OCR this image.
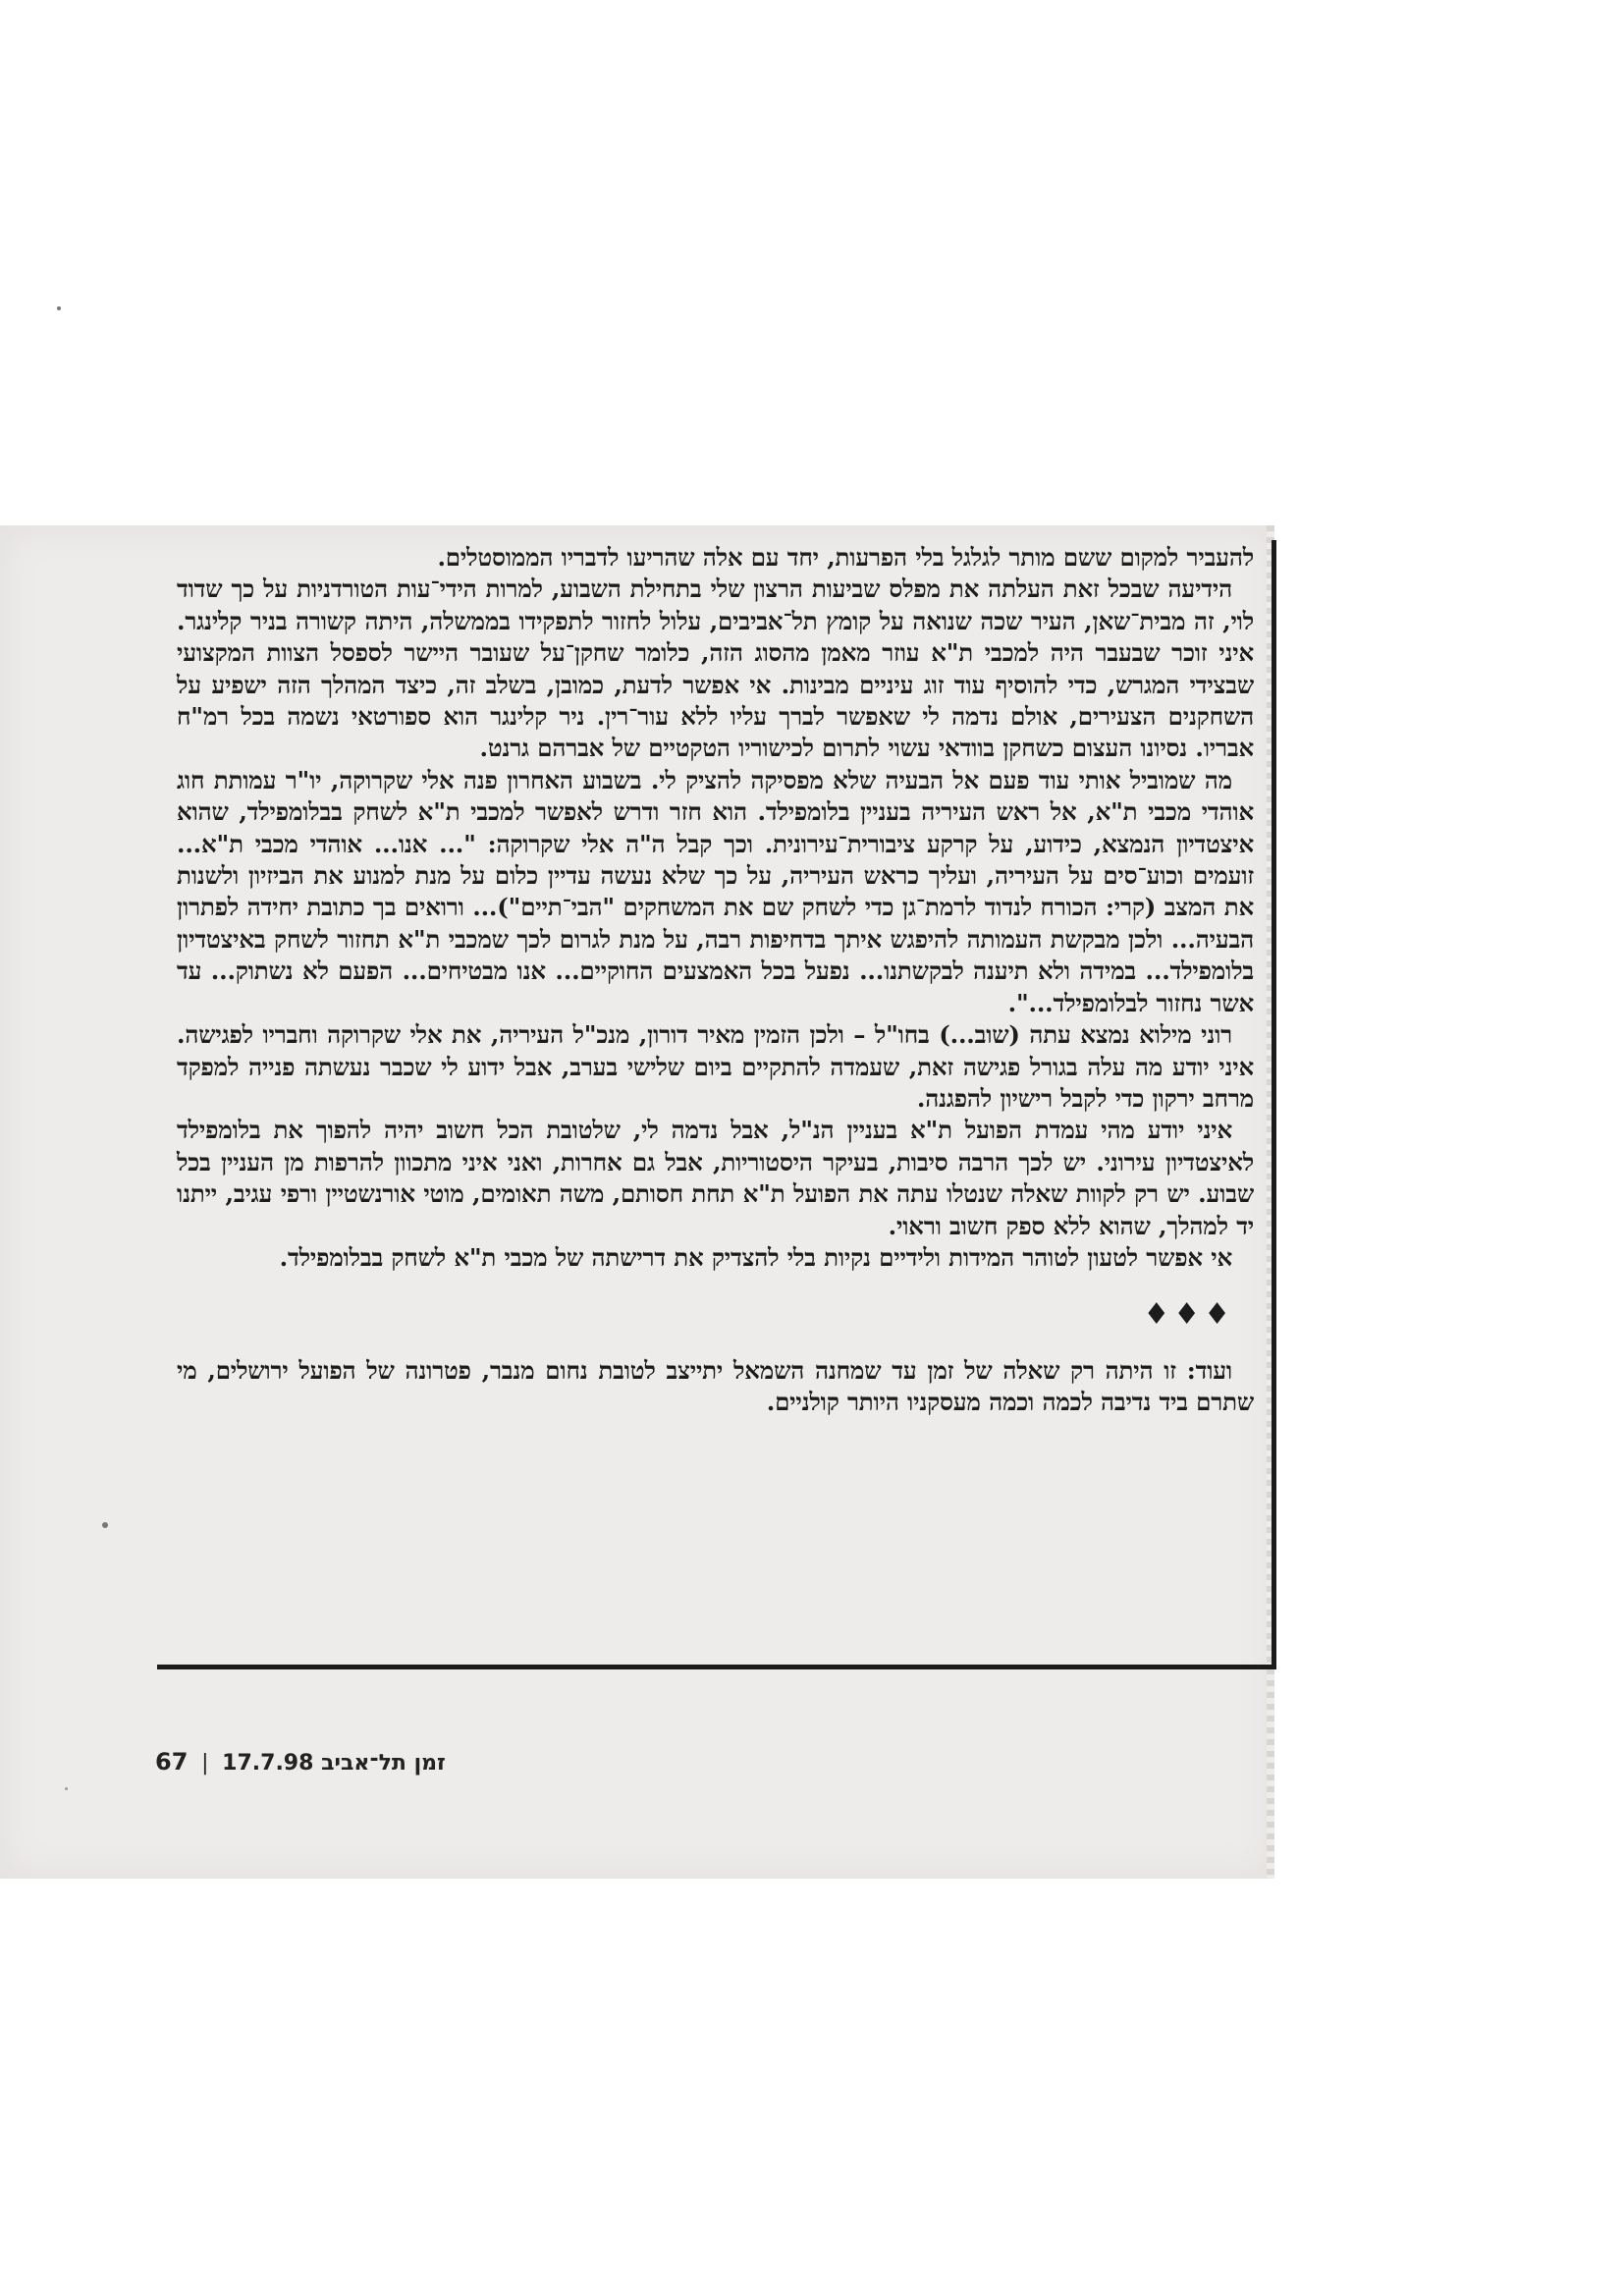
להעביר למקום ששם מותר לגלגל בלי הפרעות, יחד עם אלה שהריעו לדבריו הממוסטלים.

הידיעה שבכל זאת העלתה את מפלס שביעות הרצון שלי בתחילת השבוע, למרות הידי־עות הטורדניות על כך שדוד לוי, זה מבית־שאן, העיר שכה שנואה על קומץ תל־אביבים, עלול לחזור לתפקידו בממשלה, היתה קשורה בניר קלינגר. איני זוכר שבעבר היה למכבי ת"א עוזר מאמן מהסוג הזה, כלומר שחקן־על שעובר היישר לספסל הצוות המקצועי שבצידי המגרש, כדי להוסיף עוד זוג עיניים מבינות. אי אפשר לדעת, כמובן, בשלב זה, כיצד המהלך הזה ישפיע על השחקנים הצעירים, אולם נדמה לי שאפשר לברך עליו ללא עור־רין. ניר קלינגר הוא ספורטאי נשמה בכל רמ"ח אבריו. נסיונו העצום כשחקן בוודאי עשוי לתרום לכישוריו הטקטיים של אברהם גרנט.

מה שמוביל אותי עוד פעם אל הבעיה שלא מפסיקה להציק לי. בשבוע האחרון פנה אלי שקרוקה, יו"ר עמותת חוג אוהדי מכבי ת"א, אל ראש העיריה בעניין בלומפילד. הוא חזר ודרש לאפשר למכבי ת"א לשחק בבלומפילד, שהוא איצטדיון הנמצא, כידוע, על קרקע ציבורית־עירונית. וכך קבל ה"ה אלי שקרוקה: "... אנו... אוהדי מכבי ת"א... זועמים וכוע־סים על העיריה, ועליך כראש העיריה, על כך שלא נעשה עדיין כלום על מנת למנוע את הביזיון ולשנות את המצב (קרי: הכורח לנדוד לרמת־גן כדי לשחק שם את המשחקים "הבי־תיים")... ורואים בך כתובת יחידה לפתרון הבעיה... ולכן מבקשת העמותה להיפגש איתך בדחיפות רבה, על מנת לגרום לכך שמכבי ת"א תחזור לשחק באיצטדיון בלומפילד... במידה ולא תיענה לבקשתנו... נפעל בכל האמצעים החוקיים... אנו מבטיחים... הפעם לא נשתוק... עד אשר נחזור לבלומפילד...".

רוני מילוא נמצא עתה (שוב...) בחו"ל – ולכן הזמין מאיר דורון, מנכ"ל העיריה, את אלי שקרוקה וחבריו לפגישה. איני יודע מה עלה בגורל פגישה זאת, שעמדה להתקיים ביום שלישי בערב, אבל ידוע לי שכבר נעשתה פנייה למפקד מרחב ירקון כדי לקבל רישיון להפגנה.

איני יודע מהי עמדת הפועל ת"א בעניין הנ"ל, אבל נדמה לי, שלטובת הכל חשוב יהיה להפוך את בלומפילד לאיצטדיון עירוני. יש לכך הרבה סיבות, בעיקר היסטוריות, אבל גם אחרות, ואני איני מתכוון להרפות מן העניין בכל שבוע. יש רק לקוות שאלה שנטלו עתה את הפועל ת"א תחת חסותם, משה תאומים, מוטי אורנשטיין ורפי עגיב, ייתנו יד למהלך, שהוא ללא ספק חשוב וראוי.

אי אפשר לטעון לטוהר המידות ולידיים נקיות בלי להצדיק את דרישתה של מכבי ת"א לשחק בבלומפילד.

♦♦♦

ועוד: זו היתה רק שאלה של זמן עד שמחנה השמאל יתייצב לטובת נחום מנבר, פטרונה של הפועל ירושלים, מי שתרם ביד נדיבה לכמה וכמה מעסקניו היותר קולניים.

זמן תל־אביב 17.7.98 | 67
